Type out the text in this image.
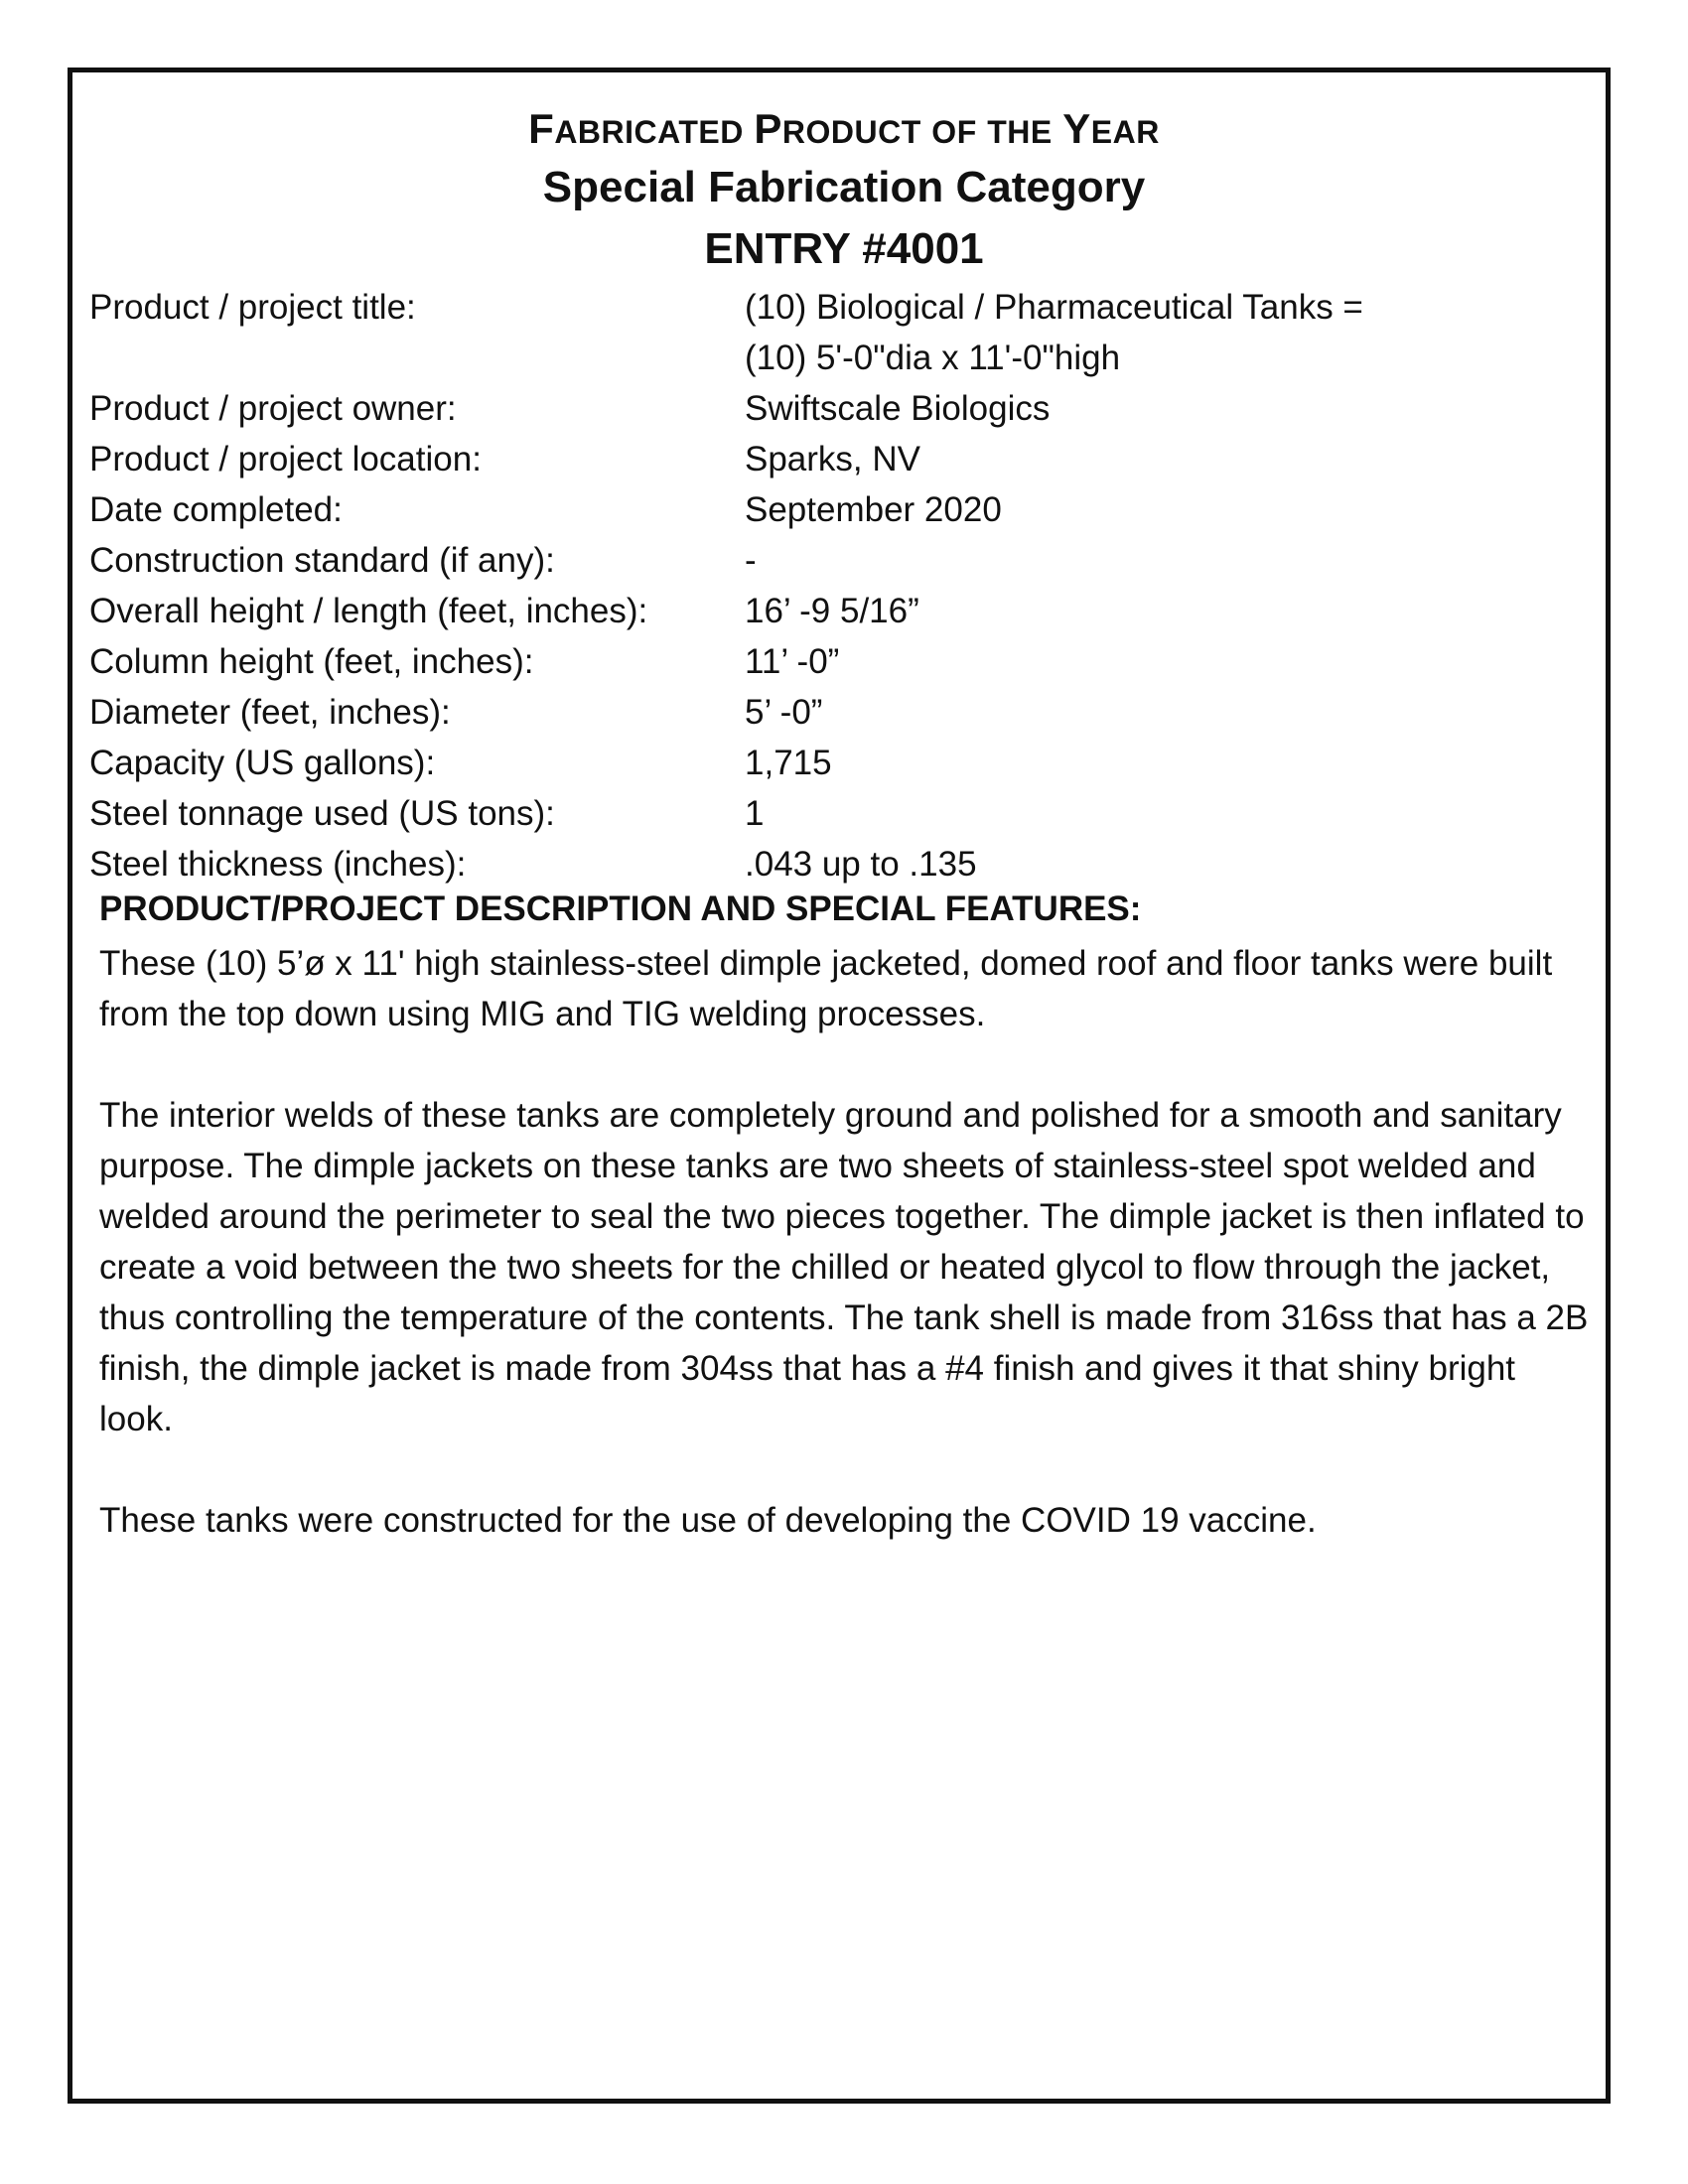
FABRICATED PRODUCT OF THE YEAR
Special Fabrication Category
ENTRY #4001
Product / project title:	(10) Biological / Pharmaceutical Tanks =
(10) 5'-0"dia x 11'-0"high
Product / project owner:	Swiftscale Biologics
Product / project location:	Sparks, NV
Date completed:	September 2020
Construction standard (if any):	-
Overall height / length (feet, inches):	16’ -9 5/16”
Column height (feet, inches):	11’ -0”
Diameter (feet, inches):	5’ -0”
Capacity (US gallons):	1,715
Steel tonnage used (US tons):	1
Steel thickness (inches):	.043 up to .135
PRODUCT/PROJECT DESCRIPTION AND SPECIAL FEATURES:

These (10) 5’ø x 11' high stainless-steel dimple jacketed, domed roof and floor tanks were built from the top down using MIG and TIG welding processes.

The interior welds of these tanks are completely ground and polished for a smooth and sanitary purpose. The dimple jackets on these tanks are two sheets of stainless-steel spot welded and welded around the perimeter to seal the two pieces together. The dimple jacket is then inflated to create a void between the two sheets for the chilled or heated glycol to flow through the jacket, thus controlling the temperature of the contents. The tank shell is made from 316ss that has a 2B finish, the dimple jacket is made from 304ss that has a #4 finish and gives it that shiny bright look.

These tanks were constructed for the use of developing the COVID 19 vaccine.
